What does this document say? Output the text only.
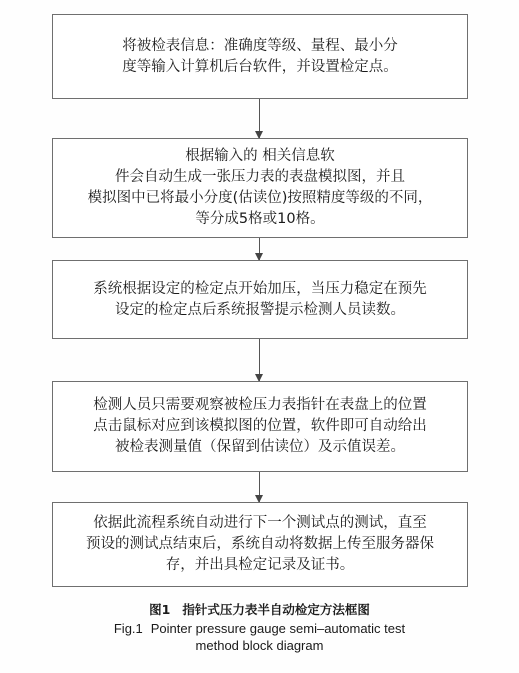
将被检表信息：准确度等级、量程、最小分
度等输入计算机后台软件，并设置检定点。
根据输入的 相关信息软
件会自动生成一张压力表的表盘模拟图，并且
模拟图中已将最小分度(估读位)按照精度等级的不同，
等分成5格或10格。
系统根据设定的检定点开始加压，当压力稳定在预先
设定的检定点后系统报警提示检测人员读数。
检测人员只需要观察被检压力表指针在表盘上的位置
点击鼠标对应到该模拟图的位置，软件即可自动给出
被检表测量值（保留到估读位）及示值误差。
依据此流程系统自动进行下一个测试点的测试，直至
预设的测试点结束后，系统自动将数据上传至服务器保
存，并出具检定记录及证书。
图1 指针式压力表半自动检定方法框图
Fig.1 Pointer pressure gauge semi–automatic test
method block diagram
